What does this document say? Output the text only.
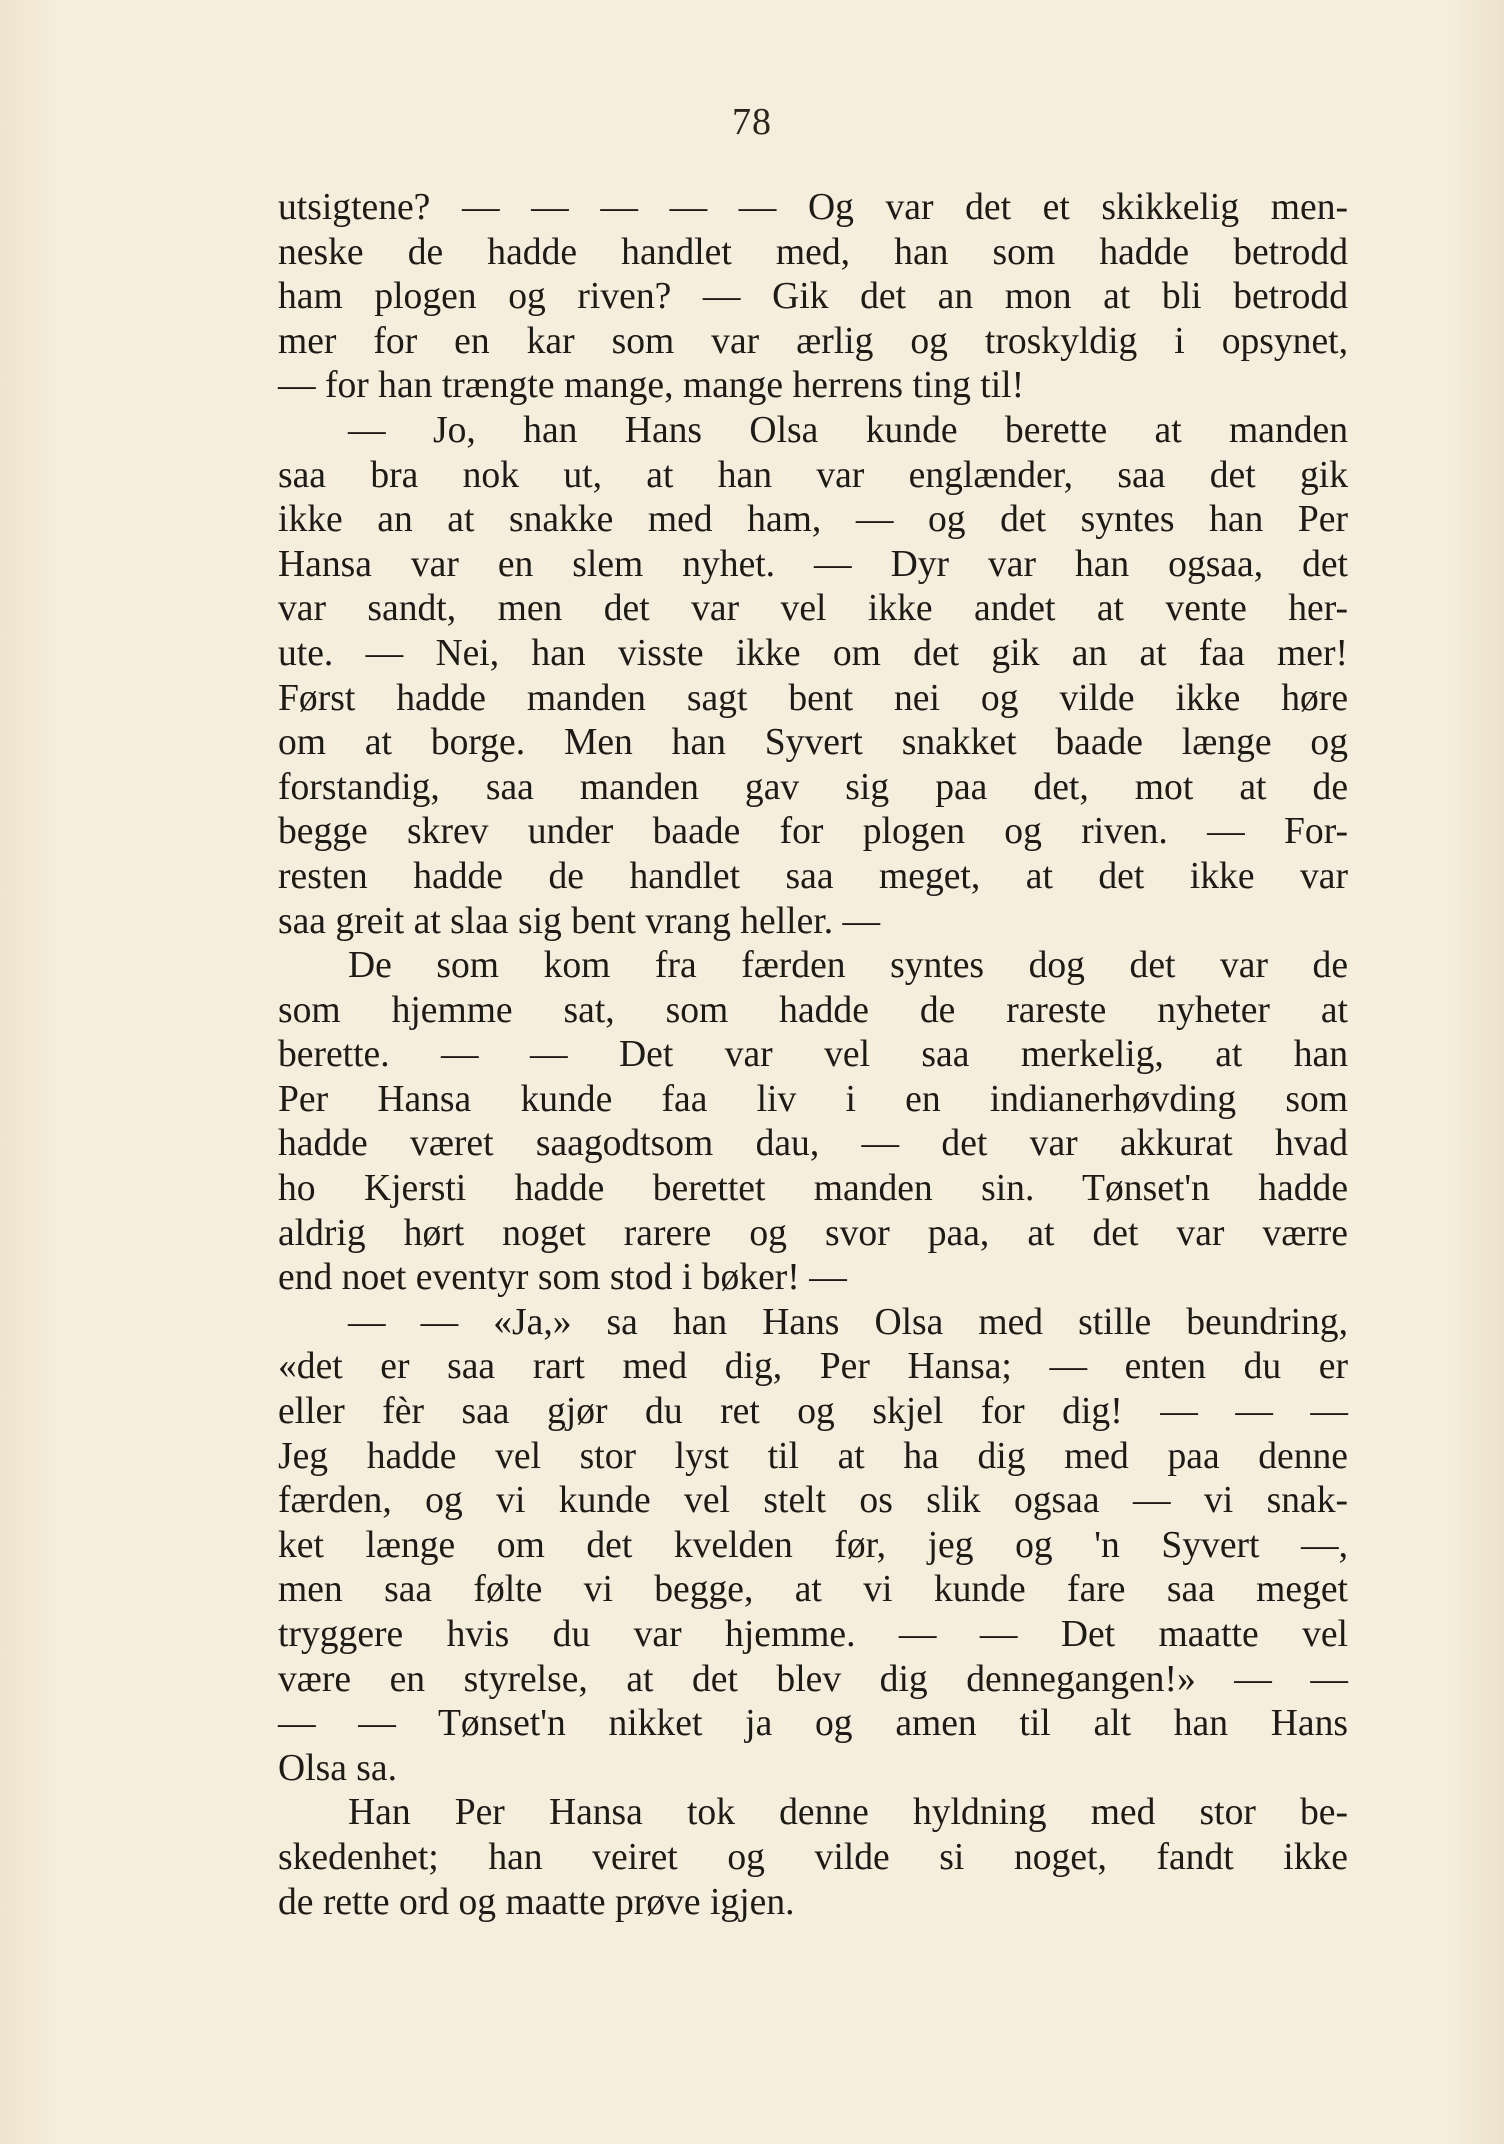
78
utsigtene? — — — — — Og var det et skikkelig men-
neske de hadde handlet med, han som hadde betrodd
ham plogen og riven? — Gik det an mon at bli betrodd
mer for en kar som var ærlig og troskyldig i opsynet,
— for han trængte mange, mange herrens ting til!
— Jo, han Hans Olsa kunde berette at manden
saa bra nok ut, at han var englænder, saa det gik
ikke an at snakke med ham, — og det syntes han Per
Hansa var en slem nyhet. — Dyr var han ogsaa, det
var sandt, men det var vel ikke andet at vente her-
ute. — Nei, han visste ikke om det gik an at faa mer!
Først hadde manden sagt bent nei og vilde ikke høre
om at borge. Men han Syvert snakket baade længe og
forstandig, saa manden gav sig paa det, mot at de
begge skrev under baade for plogen og riven. — For-
resten hadde de handlet saa meget, at det ikke var
saa greit at slaa sig bent vrang heller. —
De som kom fra færden syntes dog det var de
som hjemme sat, som hadde de rareste nyheter at
berette. — — Det var vel saa merkelig, at han
Per Hansa kunde faa liv i en indianerhøvding som
hadde været saagodtsom dau, — det var akkurat hvad
ho Kjersti hadde berettet manden sin. Tønset'n hadde
aldrig hørt noget rarere og svor paa, at det var værre
end noet eventyr som stod i bøker! —
— — «Ja,» sa han Hans Olsa med stille beundring,
«det er saa rart med dig, Per Hansa; — enten du er
eller fèr saa gjør du ret og skjel for dig! — — —
Jeg hadde vel stor lyst til at ha dig med paa denne
færden, og vi kunde vel stelt os slik ogsaa — vi snak-
ket længe om det kvelden før, jeg og 'n Syvert —,
men saa følte vi begge, at vi kunde fare saa meget
tryggere hvis du var hjemme. — — Det maatte vel
være en styrelse, at det blev dig dennegangen!» — —
— — Tønset'n nikket ja og amen til alt han Hans
Olsa sa.
Han Per Hansa tok denne hyldning med stor be-
skedenhet; han veiret og vilde si noget, fandt ikke
de rette ord og maatte prøve igjen.
